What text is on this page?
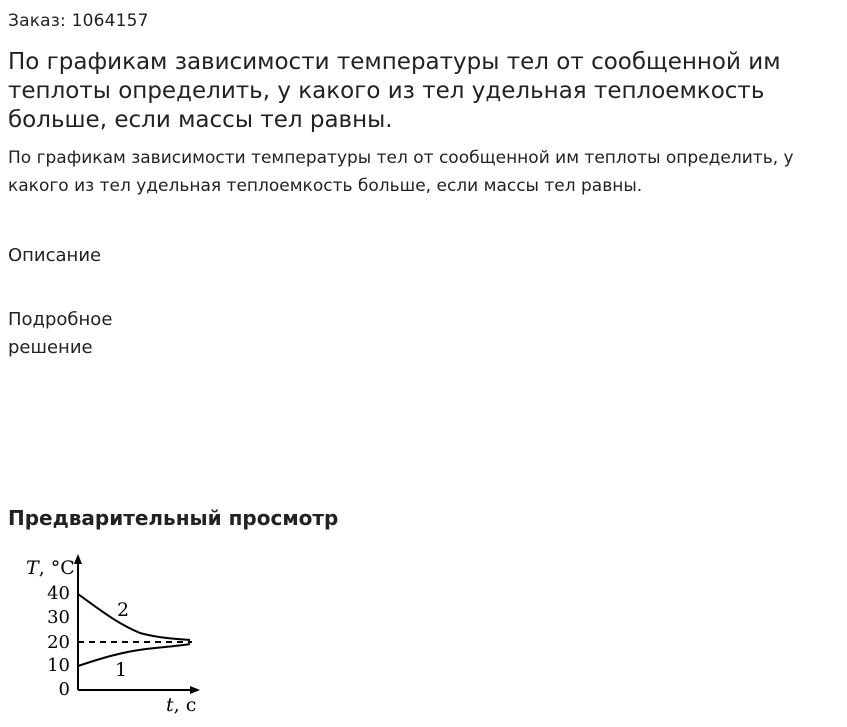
Заказ: 1064157
По графикам зависимости температуры тел от сообщенной им теплоты определить, у какого из тел удельная теплоемкость больше, если массы тел равны.

По графикам зависимости температуры тел от сообщенной им теплоты определить, у какого из тел удельная теплоемкость больше, если массы тел равны.

Описание
Подробное
решение
Предварительный просмотр
T, °C
t, c
40
30
20
10
0
2
1
